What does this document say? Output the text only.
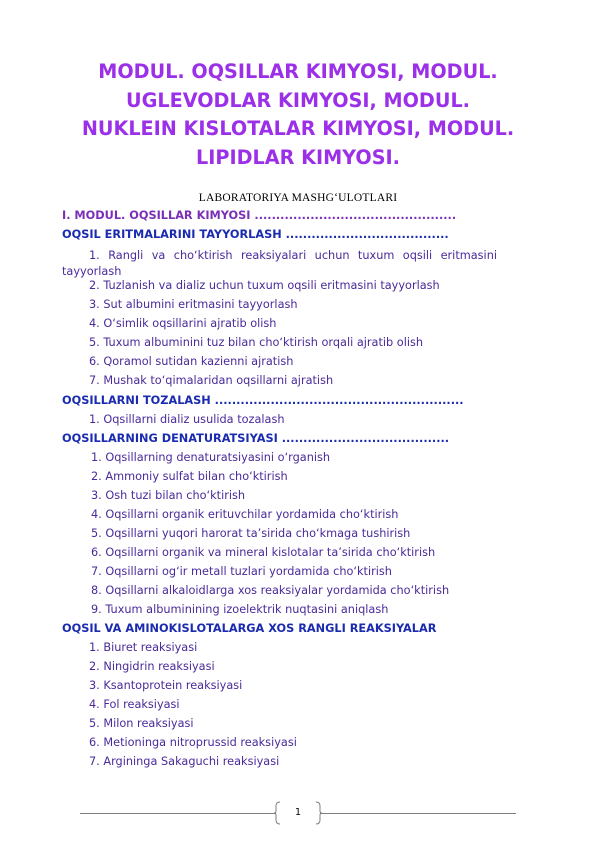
MODUL. OQSILLAR KIMYOSI, MODUL. UGLEVODLAR KIMYOSI, MODUL. NUKLEIN KISLOTALAR KIMYOSI, MODUL. LIPIDLAR KIMYOSI.
LABORATORIYA MASHG‘ULOTLARI
I. MODUL. OQSILLAR KIMYOSI ...............................................
OQSIL ERITMALARINI TAYYORLASH ......................................

1. Rangli va cho‘ktirish reaksiyalari uchun tuxum oqsili eritmasini tayyorlash

2. Tuzlanish va dializ uchun tuxum oqsili eritmasini tayyorlash
3. Sut albumini eritmasini tayyorlash
4. O‘simlik oqsillarini ajratib olish
5. Tuxum albuminini tuz bilan cho‘ktirish orqali ajratib olish
6. Qoramol sutidan kazienni ajratish
7. Mushak to‘qimalaridan oqsillarni ajratish
OQSILLARNI TOZALASH ..........................................................
1. Oqsillarni dializ usulida tozalash
OQSILLARNING DENATURATSIYASI .......................................
1. Oqsillarning denaturatsiyasini o‘rganish
2. Ammoniy sulfat bilan cho‘ktirish
3. Osh tuzi bilan cho‘ktirish
4. Oqsillarni organik erituvchilar yordamida cho‘ktirish
5. Oqsillarni yuqori harorat ta’sirida cho‘kmaga tushirish
6. Oqsillarni organik va mineral kislotalar ta’sirida cho‘ktirish
7. Oqsillarni og‘ir metall tuzlari yordamida cho‘ktirish
8. Oqsillarni alkaloidlarga xos reaksiyalar yordamida cho‘ktirish
9. Tuxum albuminining izoelektrik nuqtasini aniqlash
OQSIL VA AMINOKISLOTALARGA XOS RANGLI REAKSIYALAR
1. Biuret reaksiyasi
2. Ningidrin reaksiyasi
3. Ksantoprotein reaksiyasi
4. Fol reaksiyasi
5. Milon reaksiyasi
6. Metioninga nitroprussid reaksiyasi
7. Argininga Sakaguchi reaksiyasi
1
